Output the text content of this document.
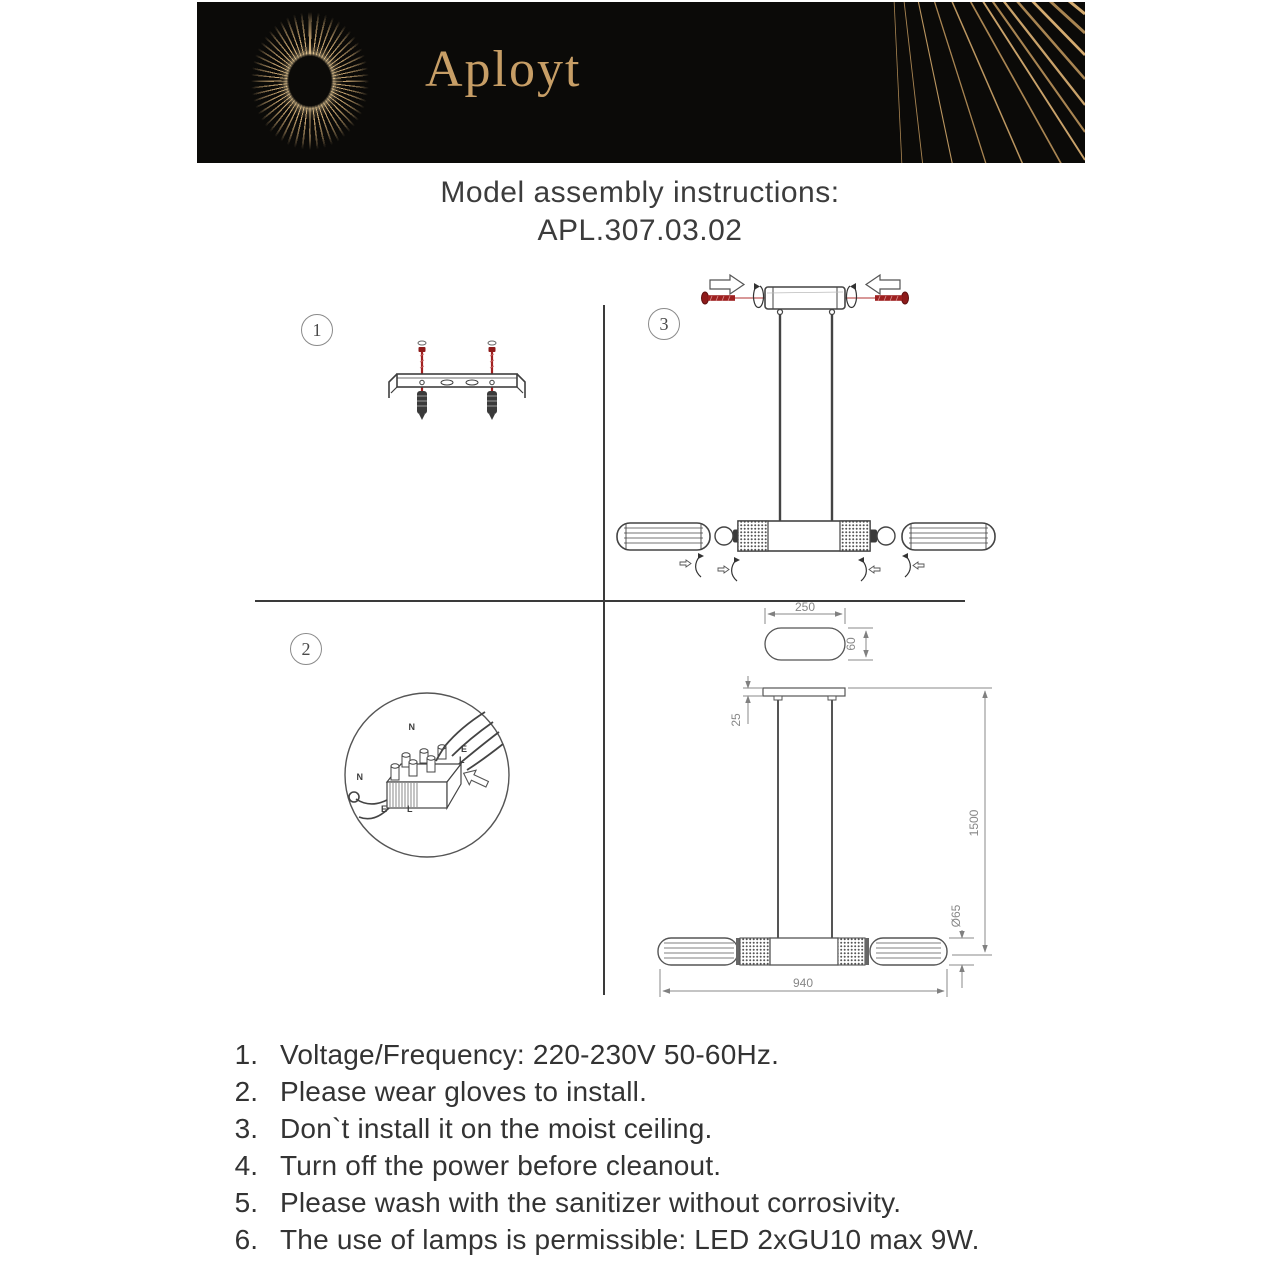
Aployt
Model assembly instructions:
APL.307.03.02
1	3
2
N
E
L
N
E L
250
60
25
1500
Ø65
940
1. Voltage/Frequency: 220-230V 50-60Hz.
2. Please wear gloves to install.
3. Don`t install it on the moist ceiling.
4. Turn off the power before cleanout.
5. Please wash with the sanitizer without corrosivity.
6. The use of lamps is permissible: LED 2xGU10 max 9W.
